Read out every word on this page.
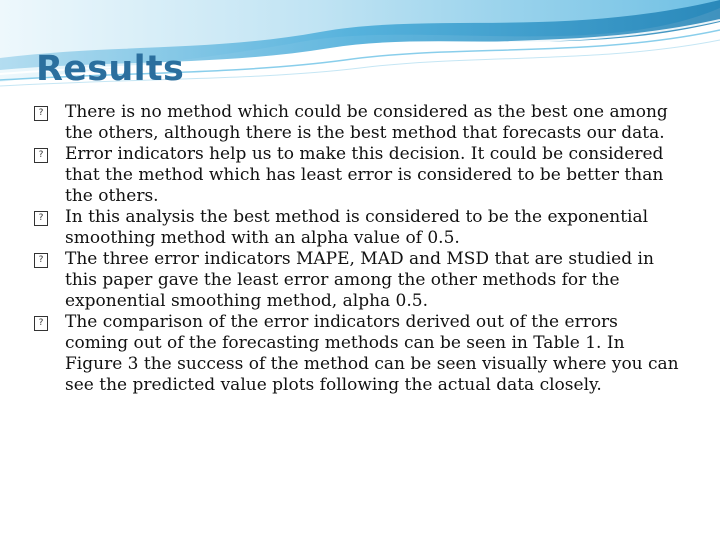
Results
? There is no method which could be considered as the best one among the others, although there is the best method that forecasts our data.
? Error indicators help us to make this decision. It could be considered that the method which has least error is considered to be better than the others.
? In this analysis the best method is considered to be the exponential smoothing method with an alpha value of 0.5.
? The three error indicators MAPE, MAD and MSD that are studied in this paper gave the least error among the other methods for the exponential smoothing method, alpha 0.5.
? The comparison of the error indicators derived out of the errors coming out of the forecasting methods can be seen in Table 1. In Figure 3 the success of the method can be seen visually where you can see the predicted value plots following the actual data closely.
